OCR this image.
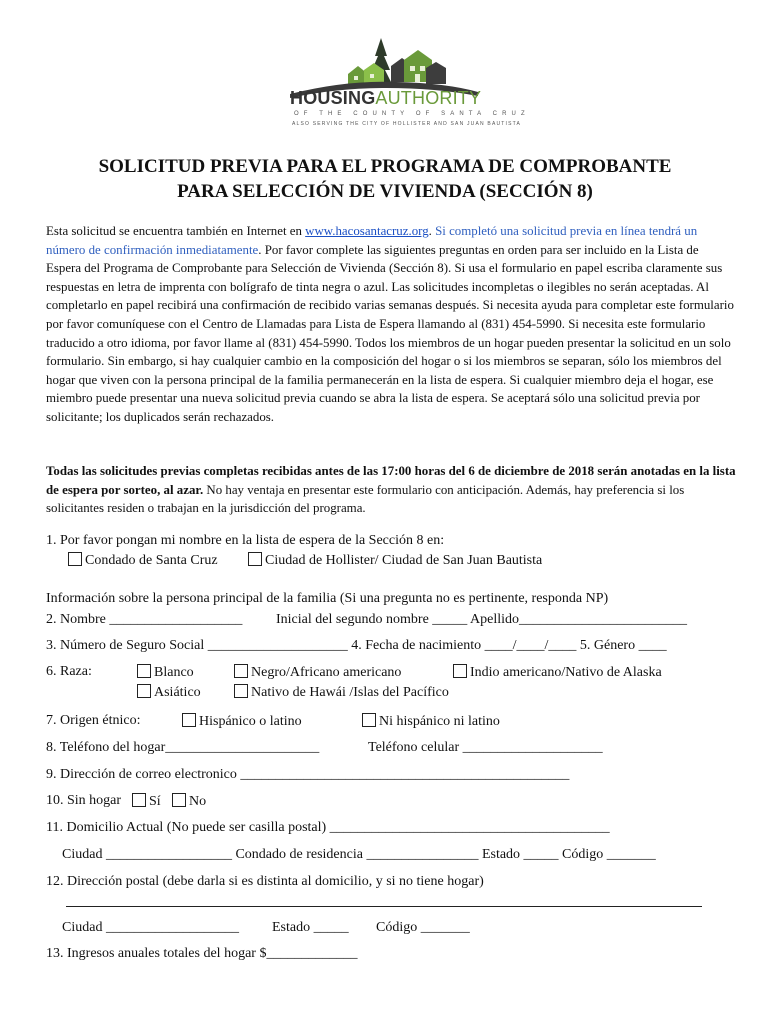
HOUSINGAUTHORITY
OF THE COUNTY OF SANTA CRUZ
ALSO SERVING THE CITY OF HOLLISTER AND SAN JUAN BAUTISTA
SOLICITUD PREVIA PARA EL PROGRAMA DE COMPROBANTE
PARA SELECCIÓN DE VIVIENDA (SECCIÓN 8)
Esta solicitud se encuentra también en Internet en www.hacosantacruz.org. Si completó una solicitud previa en línea tendrá un número de confirmación inmediatamente. Por favor complete las siguientes preguntas en orden para ser incluido en la Lista de Espera del Programa de Comprobante para Selección de Vivienda (Sección 8). Si usa el formulario en papel escriba claramente sus respuestas en letra de imprenta con bolígrafo de tinta negra o azul. Las solicitudes incompletas o ilegibles no serán aceptadas. Al completarlo en papel recibirá una confirmación de recibido varias semanas después. Si necesita ayuda para completar este formulario por favor comuníquese con el Centro de Llamadas para Lista de Espera llamando al (831) 454-5990. Si necesita este formulario traducido a otro idioma, por favor llame al (831) 454-5990. Todos los miembros de un hogar pueden presentar la solicitud en un solo formulario. Sin embargo, si hay cualquier cambio en la composición del hogar o si los miembros se separan, sólo los miembros del hogar que viven con la persona principal de la familia permanecerán en la lista de espera. Si cualquier miembro deja el hogar, ese miembro puede presentar una nueva solicitud previa cuando se abra la lista de espera. Se aceptará sólo una solicitud previa por solicitante; los duplicados serán rechazados.
Todas las solicitudes previas completas recibidas antes de las 17:00 horas del 6 de diciembre de 2018 serán anotadas en la lista de espera por sorteo, al azar. No hay ventaja en presentar este formulario con anticipación. Además, hay preferencia si los solicitantes residen o trabajan en la jurisdicción del programa.
1. Por favor pongan mi nombre en la lista de espera de la Sección 8 en:
Condado de Santa Cruz	Ciudad de Hollister/ Ciudad de San Juan Bautista
Información sobre la persona principal de la familia (Si una pregunta no es pertinente, responda NP)
2. Nombre ___________________ Inicial del segundo nombre _____ Apellido________________________
3. Número de Seguro Social ____________________ 4. Fecha de nacimiento ____/____/____ 5. Género ____
6. Raza:	Blanco	Negro/Africano americano	Indio americano/Nativo de Alaska
Asiático	Nativo de Hawái /Islas del Pacífico
7. Origen étnico:	Hispánico o latino	Ni hispánico ni latino
8. Teléfono del hogar______________________	Teléfono celular ____________________
9. Dirección de correo electronico _______________________________________________
10. Sin hogar	Sí	No
11. Domicilio Actual (No puede ser casilla postal) ________________________________________
Ciudad __________________ Condado de residencia ________________ Estado _____ Código _______
12. Dirección postal (debe darla si es distinta al domicilio, y si no tiene hogar)
Ciudad ___________________ Estado _____ Código _______
13. Ingresos anuales totales del hogar $_____________
